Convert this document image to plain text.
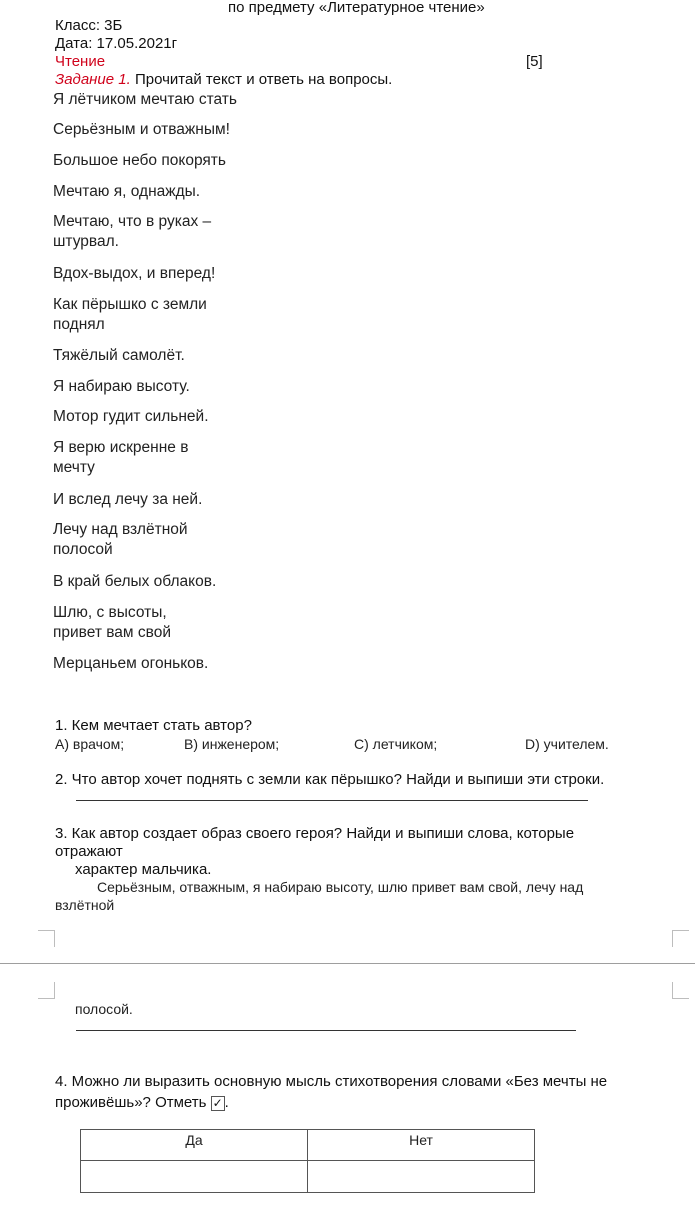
по предмету «Литературное чтение»

Класс: 3Б

Дата: 17.05.2021г

Чтение	[5]

Задание 1. Прочитай текст и ответь на вопросы.

Я лётчиком мечтаю стать
Серьёзным и отважным!
Большое небо покорять
Мечтаю я, однажды.
Мечтаю, что в руках –
штурвал.
Вдох-выдох, и вперед!
Как пёрышко с земли
поднял
Тяжёлый самолёт.
Я набираю высоту.
Мотор гудит сильней.
Я верю искренне в
мечту
И вслед лечу за ней.
Лечу над взлётной
полосой
В край белых облаков.
Шлю, с высоты,
привет вам свой
Мерцаньем огоньков.

1. Кем мечтает стать автор?

A) врачом;	B) инженером;	C) летчиком;	D) учителем.

2. Что автор хочет поднять с земли как пёрышко? Найди и выпиши эти строки.

3. Как автор создает образ своего героя? Найди и выпиши слова, которые

отражают

характер мальчика.

Серьёзным, отважным, я набираю высоту, шлю привет вам свой, лечу над

взлётной

полосой.

4. Можно ли выразить основную мысль стихотворения словами «Без мечты не

проживёшь»? Отметь ✓ .

Да	Нет
